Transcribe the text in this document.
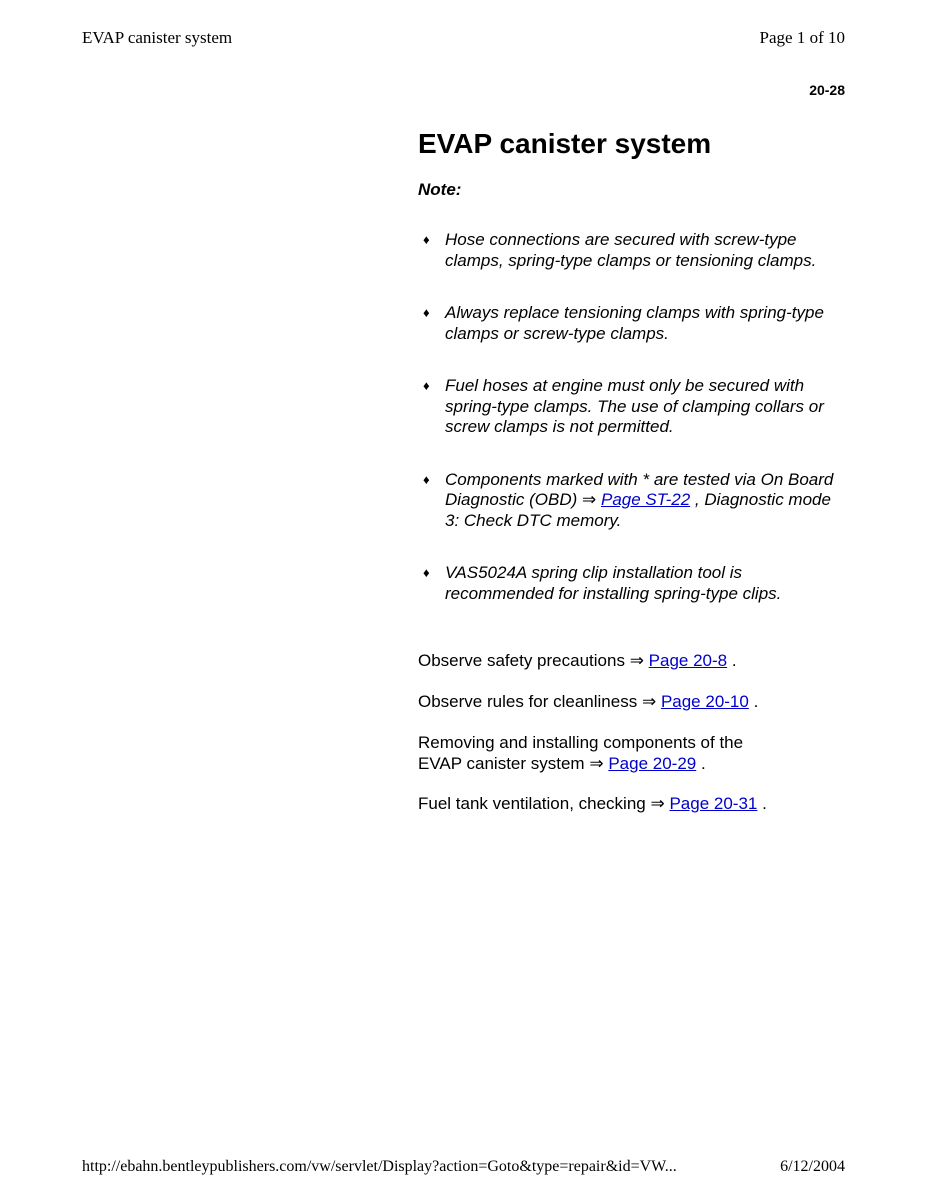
EVAP canister system	Page 1 of 10
20-28
EVAP canister system
Note:
♦ Hose connections are secured with screw-type clamps, spring-type clamps or tensioning clamps.
♦ Always replace tensioning clamps with spring-type clamps or screw-type clamps.
♦ Fuel hoses at engine must only be secured with spring-type clamps. The use of clamping collars or screw clamps is not permitted.
♦ Components marked with * are tested via On Board Diagnostic (OBD) ⇒ Page ST-22 , Diagnostic mode 3: Check DTC memory.
♦ VAS5024A spring clip installation tool is recommended for installing spring-type clips.
Observe safety precautions ⇒ Page 20-8 .
Observe rules for cleanliness ⇒ Page 20-10 .
Removing and installing components of the EVAP canister system ⇒ Page 20-29 .
Fuel tank ventilation, checking ⇒ Page 20-31 .
http://ebahn.bentleypublishers.com/vw/servlet/Display?action=Goto&type=repair&id=VW...	6/12/2004
